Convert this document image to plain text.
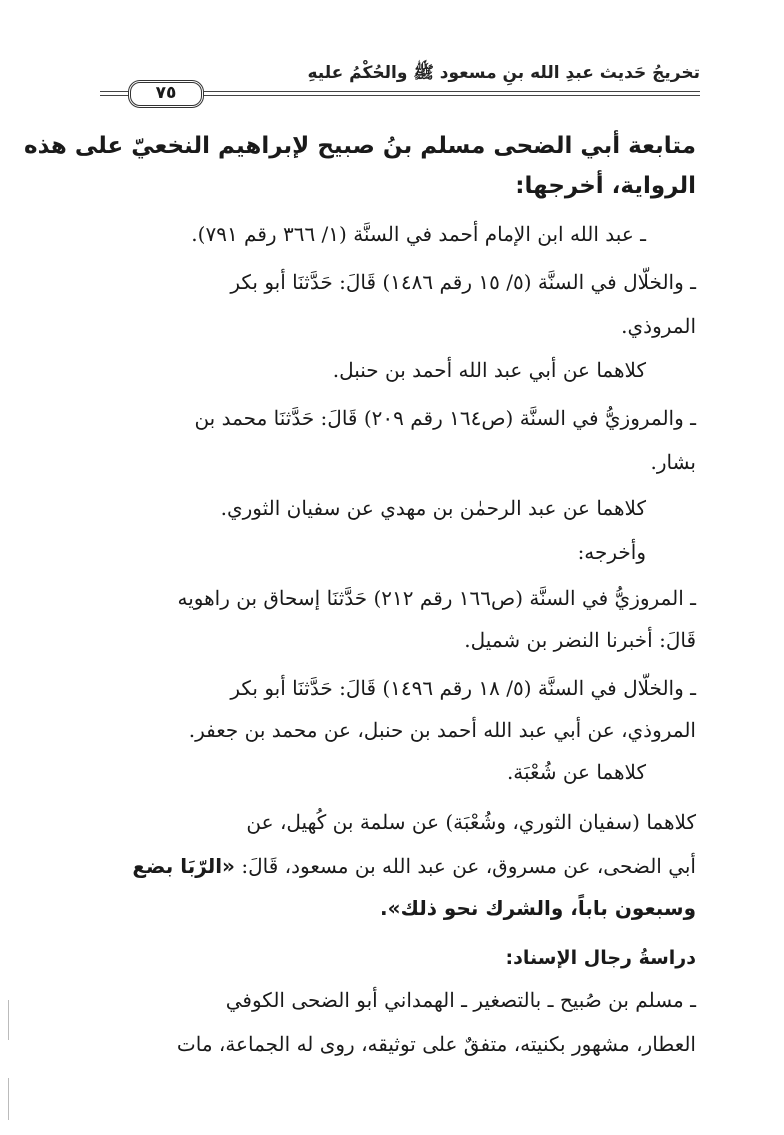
تخريجُ حَديث عبدِ الله بنِ مسعود ﷺ والحُكْمُ عليهِ
٧٥
متابعة أبي الضحى مسلم بنُ صبيح لإبراهيم النخعيّ على هذه
الرواية، أخرجها:
ـ عبد الله ابن الإمام أحمد في السنَّة (١/ ٣٦٦ رقم ٧٩١).
ـ والخلّال في السنَّة (٥/ ١٥ رقم ١٤٨٦) قَالَ: حَدَّثنَا أبو بكر
المروذي.
كلاهما عن أبي عبد الله أحمد بن حنبل.
ـ والمروزيُّ في السنَّة (ص١٦٤ رقم ٢٠٩) قَالَ: حَدَّثنَا محمد بن
بشار.
كلاهما عن عبد الرحمٰن بن مهدي عن سفيان الثوري.
وأخرجه:
ـ المروزيُّ في السنَّة (ص١٦٦ رقم ٢١٢) حَدَّثنَا إسحاق بن راهويه
قَالَ: أخبرنا النضر بن شميل.
ـ والخلّال في السنَّة (٥/ ١٨ رقم ١٤٩٦) قَالَ: حَدَّثنَا أبو بكر
المروذي، عن أبي عبد الله أحمد بن حنبل، عن محمد بن جعفر.
كلاهما عن شُعْبَة.
كلاهما (سفيان الثوري، وشُعْبَة) عن سلمة بن كُهيل، عن
أبي الضحى، عن مسروق، عن عبد الله بن مسعود، قَالَ: «الرّبَا بضع
وسبعون باباً، والشرك نحو ذلك».
دراسةُ رجال الإسناد:
ـ مسلم بن صُبيح ـ بالتصغير ـ الهمداني أبو الضحى الكوفي
العطار، مشهور بكنيته، متفقٌ على توثيقه، روى له الجماعة، مات
